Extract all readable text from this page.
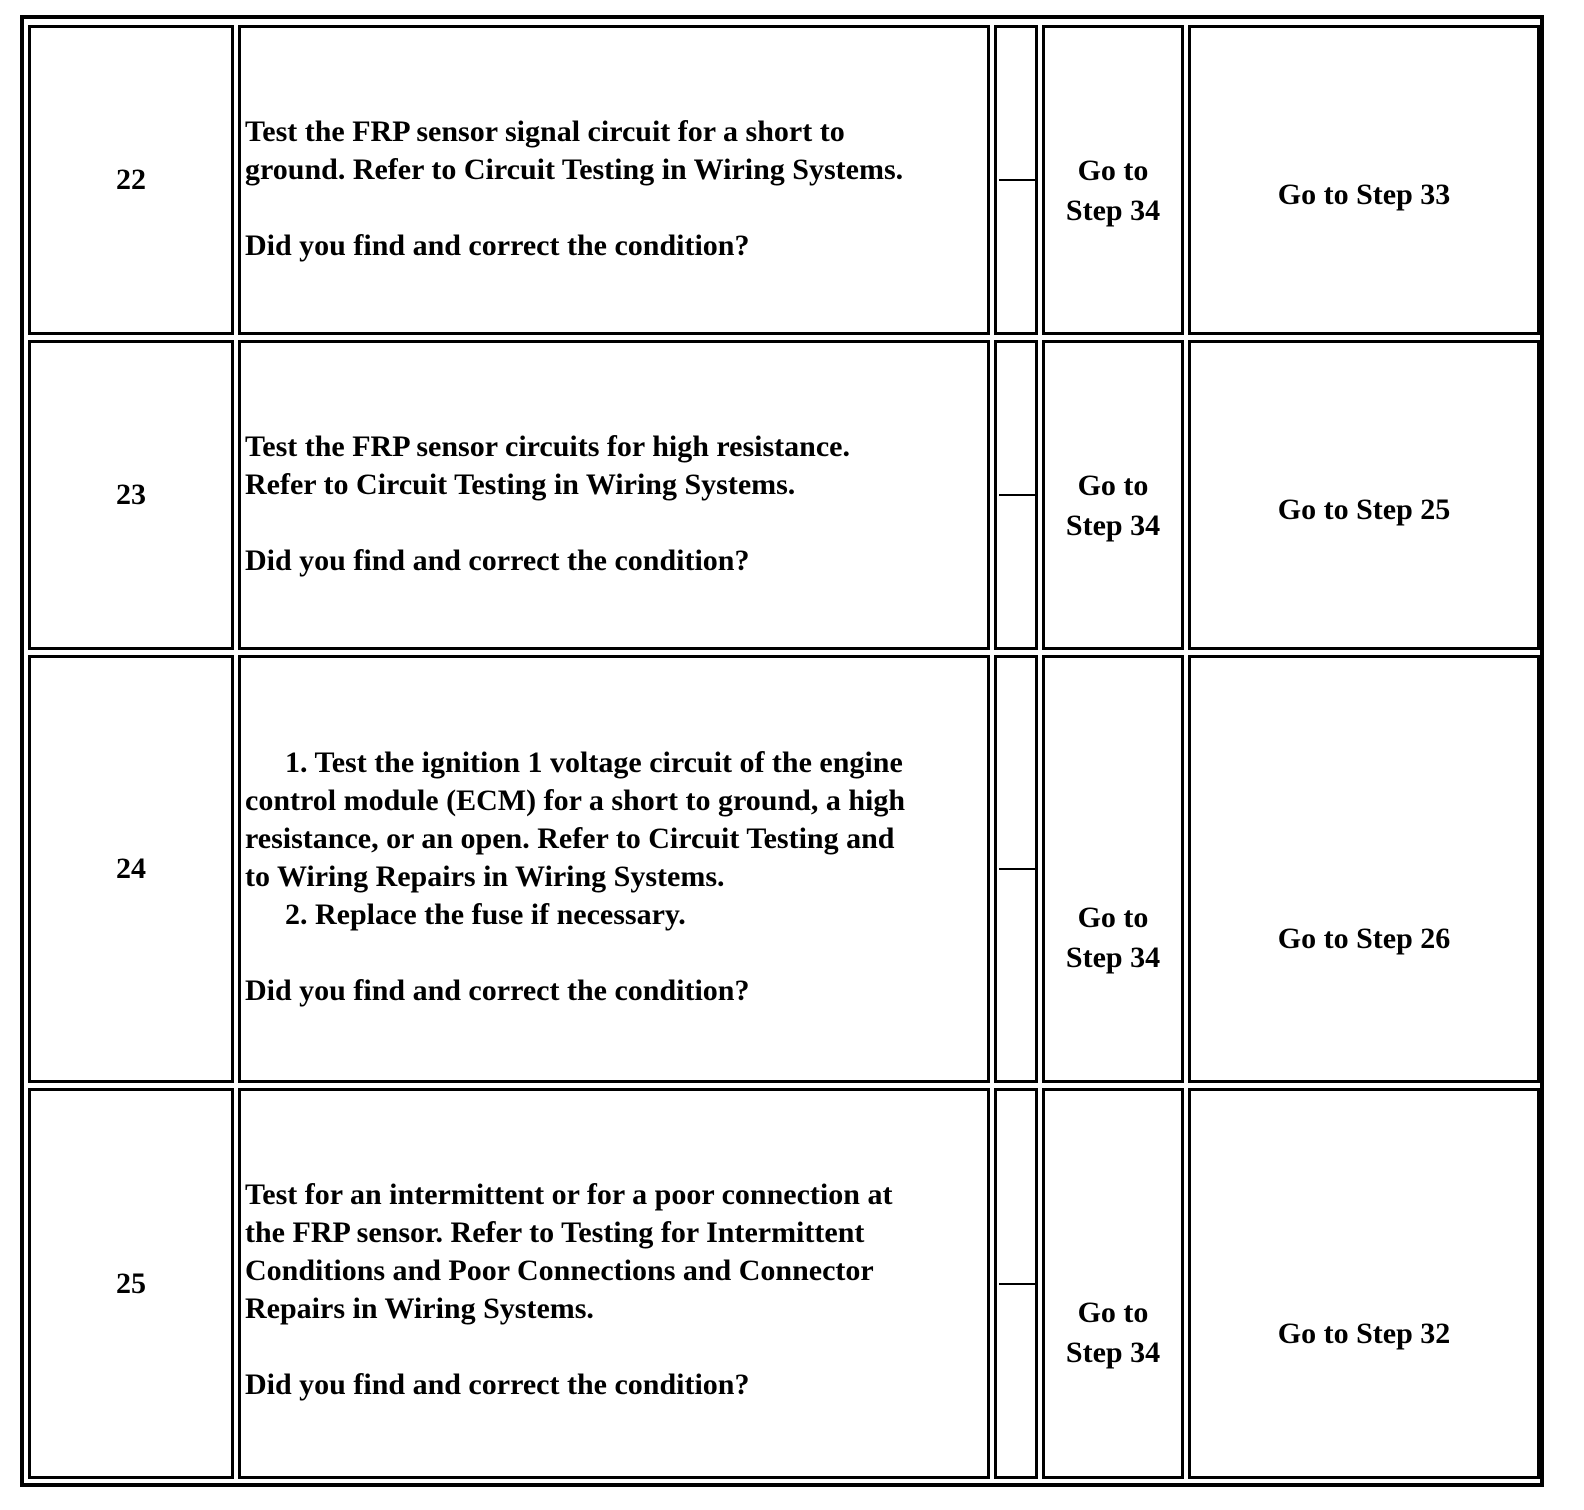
22

Test the FRP sensor signal circuit for a short to

ground. Refer to Circuit Testing in Wiring Systems.

Did you find and correct the condition?

Go to
Step 34	Go to Step 33
23

Test the FRP sensor circuits for high resistance.

Refer to Circuit Testing in Wiring Systems.

Did you find and correct the condition?

Go to
Step 34	Go to Step 25
24

1. Test the ignition 1 voltage circuit of the engine

control module (ECM) for a short to ground, a high

resistance, or an open. Refer to Circuit Testing and

to Wiring Repairs in Wiring Systems.

2. Replace the fuse if necessary.

Did you find and correct the condition?

Go to
Step 34
Go to Step 26
25

Test for an intermittent or for a poor connection at

the FRP sensor. Refer to Testing for Intermittent

Conditions and Poor Connections and Connector

Repairs in Wiring Systems.

Did you find and correct the condition?

Go to
Step 34
Go to Step 32
